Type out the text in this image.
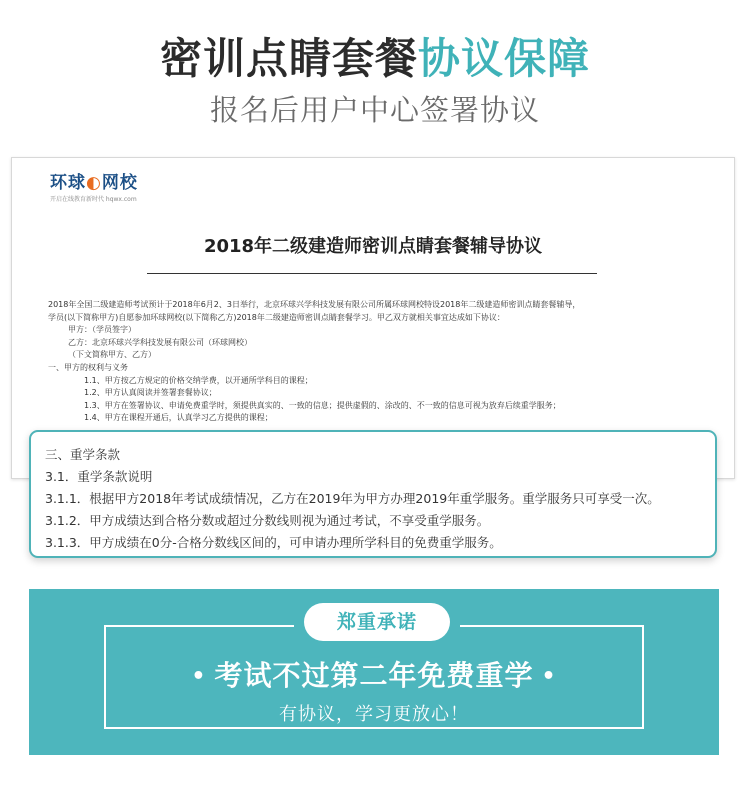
密训点睛套餐协议保障
报名后用户中心签署协议
环球◐网校
开启在线教育新时代 hqwx.com
2018年二级建造师密训点睛套餐辅导协议
2018年全国二级建造师考试预计于2018年6月2、3日举行，北京环球兴学科技发展有限公司所属环球网校特设2018年二级建造师密训点睛套餐辅导，
学员(以下简称甲方)自愿参加环球网校(以下简称乙方)2018年二级建造师密训点睛套餐学习。甲乙双方就相关事宜达成如下协议：
甲方：（学员签字）
乙方：北京环球兴学科技发展有限公司（环球网校）
（下文简称甲方、乙方）
一、甲方的权利与义务
1.1、甲方按乙方规定的价格交纳学费，以开通所学科目的课程；
1.2、甲方认真阅读并签署套餐协议；
1.3、甲方在签署协议、申请免费重学时，须提供真实的、一致的信息；提供虚假的、涂改的、不一致的信息可视为放弃后续重学服务；
1.4、甲方在课程开通后，认真学习乙方提供的课程；
三、重学条款
3.1．重学条款说明
3.1.1．根据甲方2018年考试成绩情况，乙方在2019年为甲方办理2019年重学服务。重学服务只可享受一次。
3.1.2．甲方成绩达到合格分数或超过分数线则视为通过考试，不享受重学服务。
3.1.3．甲方成绩在0分-合格分数线区间的，可申请办理所学科目的免费重学服务。
郑重承诺
• 考试不过第二年免费重学 •
有协议，学习更放心！
